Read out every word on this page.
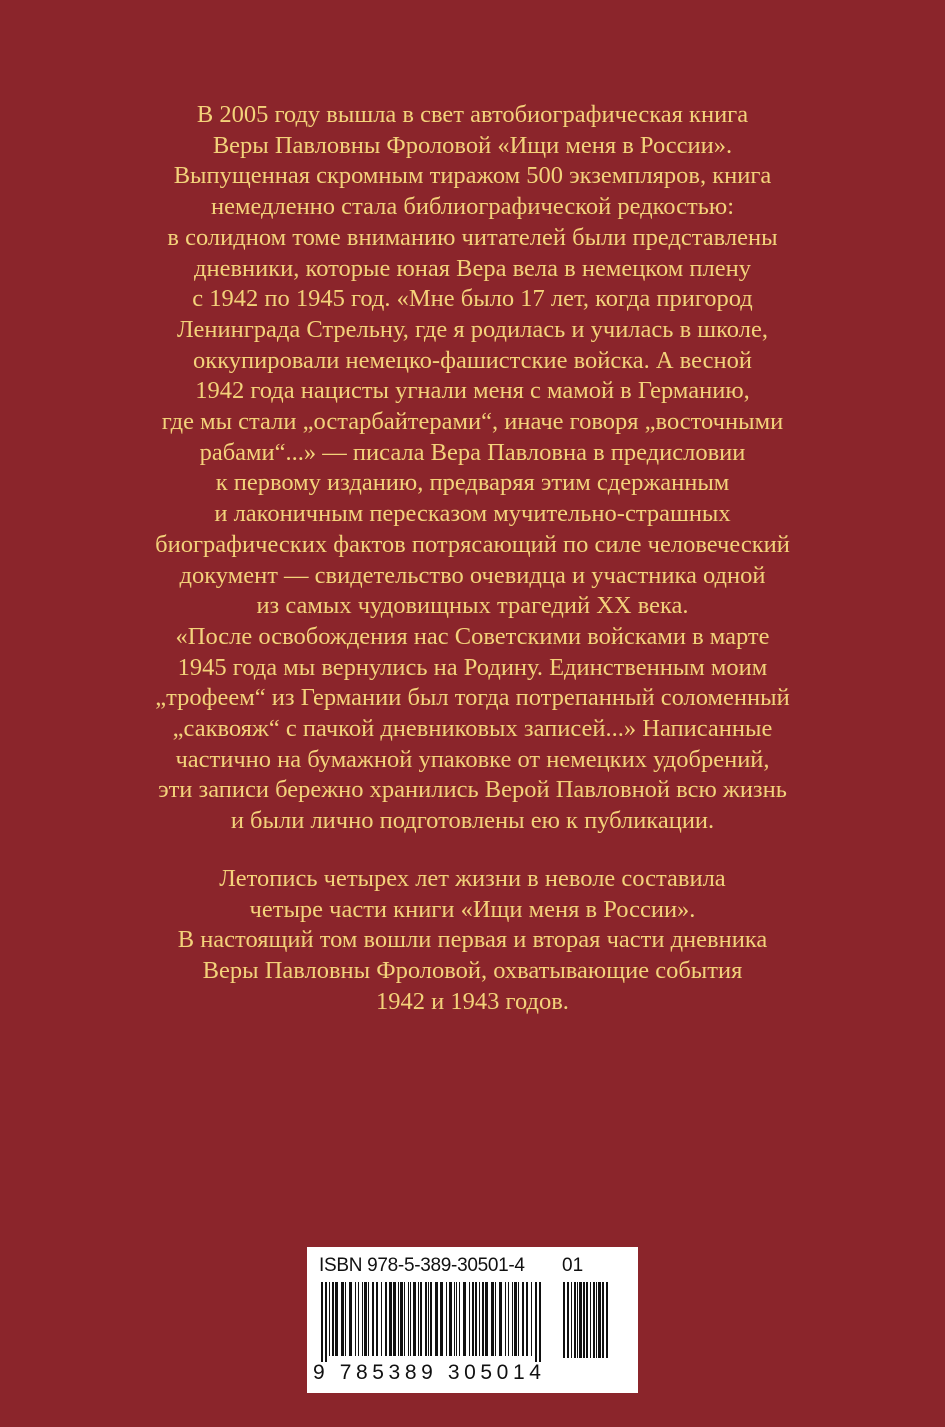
В 2005 году вышла в свет автобиографическая книга
Веры Павловны Фроловой «Ищи меня в России».
Выпущенная скромным тиражом 500 экземпляров, книга
немедленно стала библиографической редкостью:
в солидном томе вниманию читателей были представлены
дневники, которые юная Вера вела в немецком плену
с 1942 по 1945 год. «Мне было 17 лет, когда пригород
Ленинграда Стрельну, где я родилась и училась в школе,
оккупировали немецко-фашистские войска. А весной
1942 года нацисты угнали меня с мамой в Германию,
где мы стали „остарбайтерами“, иначе говоря „восточными
рабами“...» — писала Вера Павловна в предисловии
к первому изданию, предваряя этим сдержанным
и лаконичным пересказом мучительно-страшных
биографических фактов потрясающий по силе человеческий
документ — свидетельство очевидца и участника одной
из самых чудовищных трагедий XX века.
«После освобождения нас Советскими войсками в марте
1945 года мы вернулись на Родину. Единственным моим
„трофеем“ из Германии был тогда потрепанный соломенный
„саквояж“ с пачкой дневниковых записей...» Написанные
частично на бумажной упаковке от немецких удобрений,
эти записи бережно хранились Верой Павловной всю жизнь
и были лично подготовлены ею к публикации.
Летопись четырех лет жизни в неволе составила
четыре части книги «Ищи меня в России».
В настоящий том вошли первая и вторая части дневника
Веры Павловны Фроловой, охватывающие события
1942 и 1943 годов.
ISBN 978-5-389-30501-4 01
9 785389 305014
